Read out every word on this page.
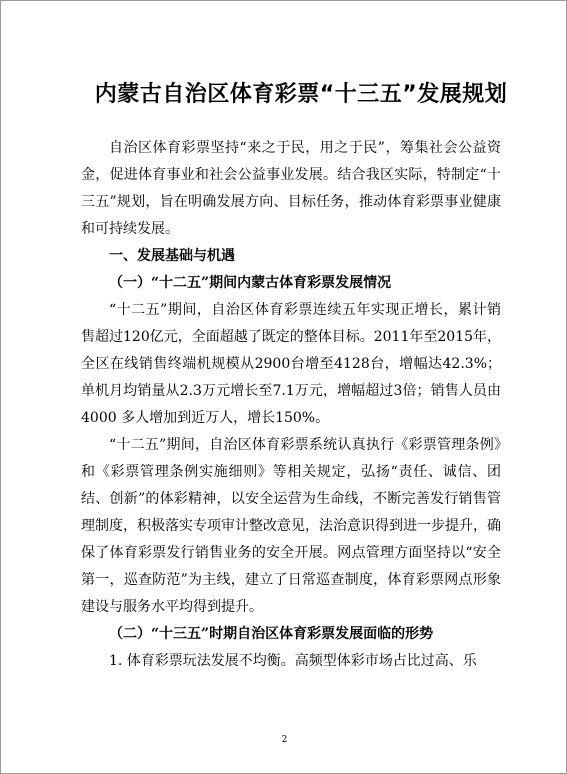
内蒙古自治区体育彩票“十三五”发展规划

自治区体育彩票坚持“来之于民，用之于民”，筹集社会公益资金，促进体育事业和社会公益事业发展。结合我区实际，特制定“十三五”规划，旨在明确发展方向、目标任务，推动体育彩票事业健康和可持续发展。

一、发展基础与机遇

（一）“十二五”期间内蒙古体育彩票发展情况

“十二五”期间，自治区体育彩票连续五年实现正增长，累计销售超过120亿元，全面超越了既定的整体目标。2011年至2015年，全区在线销售终端机规模从2900台增至4128台，增幅达42.3%；单机月均销量从2.3万元增长至7.1万元，增幅超过3倍；销售人员由4000 多人增加到近万人，增长150%。

“十二五”期间，自治区体育彩票系统认真执行《彩票管理条例》和《彩票管理条例实施细则》等相关规定，弘扬“责任、诚信、团结、创新”的体彩精神，以安全运营为生命线，不断完善发行销售管理制度，积极落实专项审计整改意见，法治意识得到进一步提升，确保了体育彩票发行销售业务的安全开展。网点管理方面坚持以“安全第一，巡查防范”为主线，建立了日常巡查制度，体育彩票网点形象建设与服务水平均得到提升。

（二）“十三五”时期自治区体育彩票发展面临的形势

1. 体育彩票玩法发展不均衡。高频型体彩市场占比过高、乐

2
